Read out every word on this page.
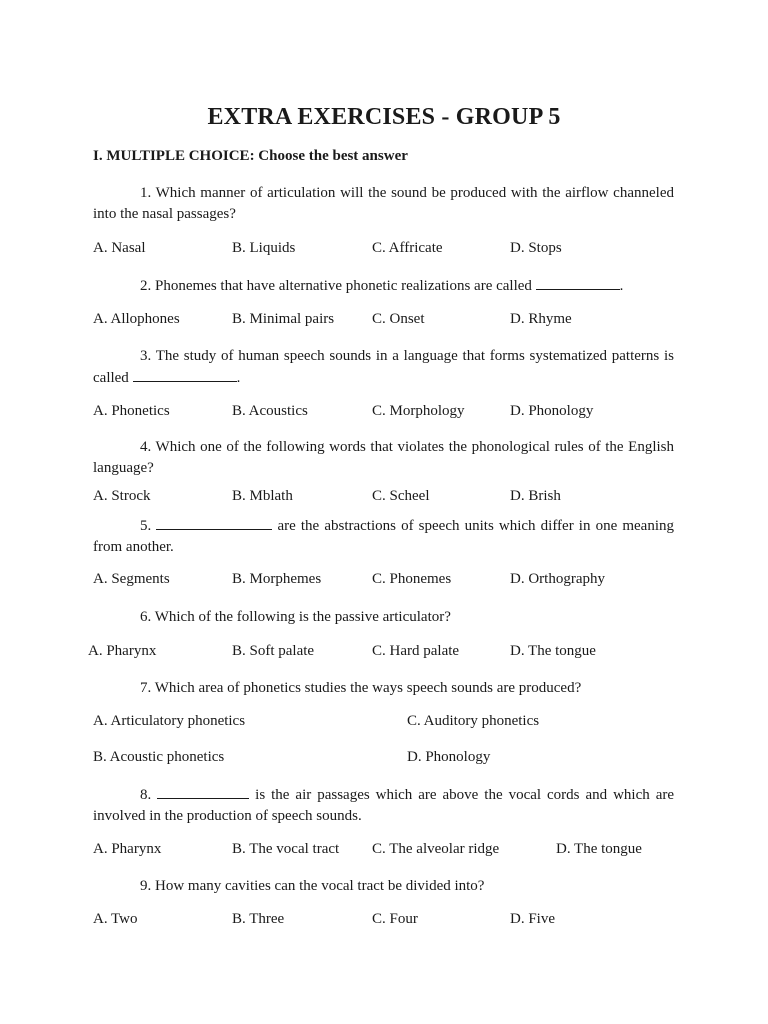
EXTRA EXERCISES - GROUP 5
I. MULTIPLE CHOICE: Choose the best answer
1. Which manner of articulation will the sound be produced with the airflow channeled into the nasal passages?
A. Nasal	B. Liquids	C. Affricate	D. Stops
2. Phonemes that have alternative phonetic realizations are called	.
A. Allophones	B. Minimal pairs	C. Onset	D. Rhyme
3. The study of human speech sounds in a language that forms systematized patterns is called	.
A. Phonetics	B. Acoustics	C. Morphology	D. Phonology
4. Which one of the following words that violates the phonological rules of the English language?
A. Strock	B. Mblath	C. Scheel	D. Brish
5.	are the abstractions of speech units which differ in one meaning from another.
A. Segments	B. Morphemes	C. Phonemes	D. Orthography
6. Which of the following is the passive articulator?
A. Pharynx	B. Soft palate	C. Hard palate	D. The tongue
7. Which area of phonetics studies the ways speech sounds are produced?
A. Articulatory phonetics	C. Auditory phonetics
B. Acoustic phonetics	D. Phonology
8.	is the air passages which are above the vocal cords and which are involved in the production of speech sounds.
A. Pharynx	B. The vocal tract C. The alveolar ridge	D. The tongue
9. How many cavities can the vocal tract be divided into?
A. Two	B. Three	C. Four	D. Five
